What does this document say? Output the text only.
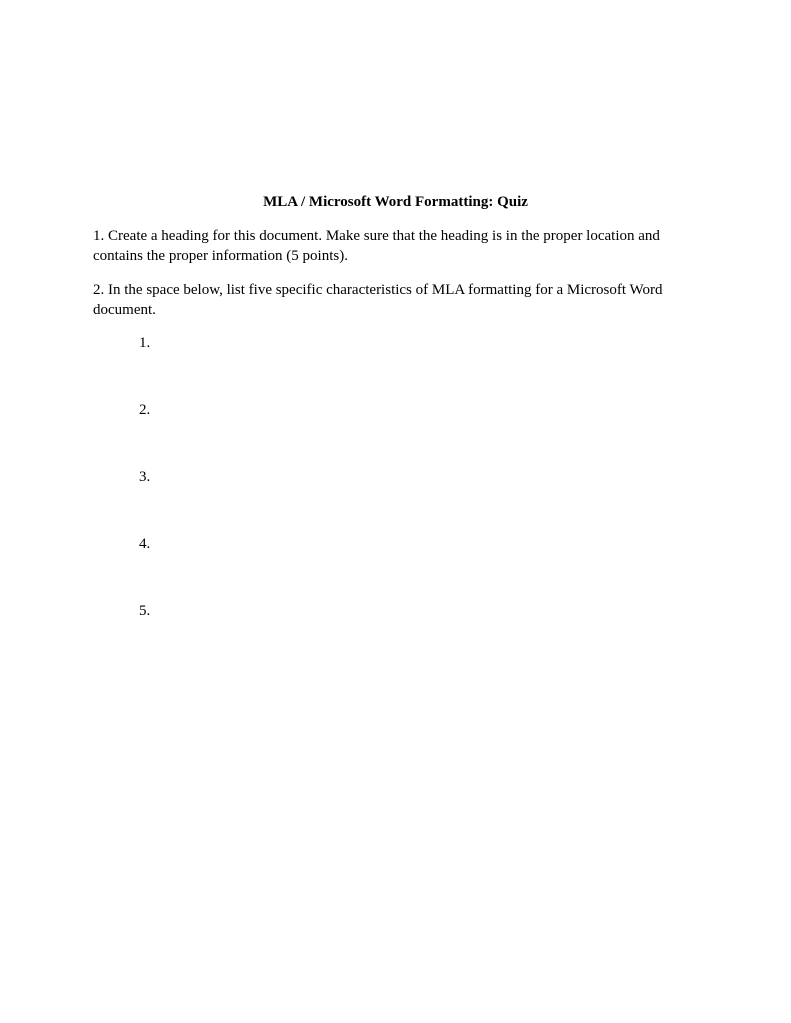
MLA / Microsoft Word Formatting: Quiz
1. Create a heading for this document. Make sure that the heading is in the proper location and contains the proper information (5 points).
2. In the space below, list five specific characteristics of MLA formatting for a Microsoft Word document.
1.
2.
3.
4.
5.
